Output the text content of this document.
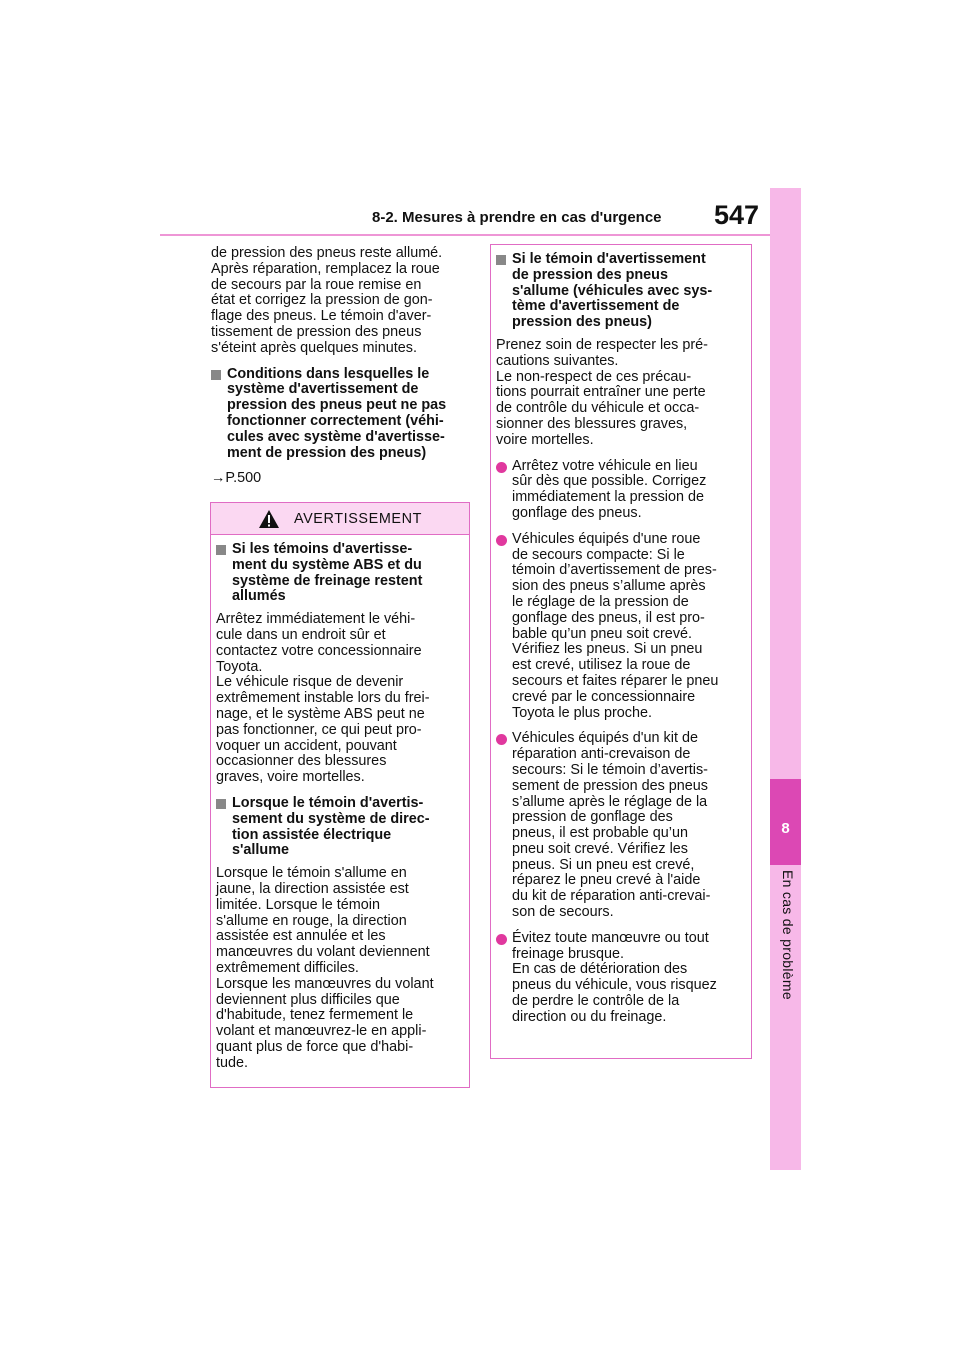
8-2. Mesures à prendre en cas d'urgence 547
8
En cas de problème
de pression des pneus reste allumé.
Après réparation, remplacez la roue
de secours par la roue remise en
état et corrigez la pression de gon-
flage des pneus. Le témoin d'aver-
tissement de pression des pneus
s'éteint après quelques minutes.
Conditions dans lesquelles le
système d'avertissement de
pression des pneus peut ne pas
fonctionner correctement (véhi-
cules avec système d'avertisse-
ment de pression des pneus)
→P.500
AVERTISSEMENT
Si les témoins d'avertisse-
ment du système ABS et du
système de freinage restent
allumés
Arrêtez immédiatement le véhi-
cule dans un endroit sûr et
contactez votre concessionnaire
Toyota.
Le véhicule risque de devenir
extrêmement instable lors du frei-
nage, et le système ABS peut ne
pas fonctionner, ce qui peut pro-
voquer un accident, pouvant
occasionner des blessures
graves, voire mortelles.
Lorsque le témoin d'avertis-
sement du système de direc-
tion assistée électrique
s'allume
Lorsque le témoin s'allume en
jaune, la direction assistée est
limitée. Lorsque le témoin
s'allume en rouge, la direction
assistée est annulée et les
manœuvres du volant deviennent
extrêmement difficiles.
Lorsque les manœuvres du volant
deviennent plus difficiles que
d'habitude, tenez fermement le
volant et manœuvrez-le en appli-
quant plus de force que d'habi-
tude.
Si le témoin d'avertissement
de pression des pneus
s'allume (véhicules avec sys-
tème d'avertissement de
pression des pneus)
Prenez soin de respecter les pré-
cautions suivantes.
Le non-respect de ces précau-
tions pourrait entraîner une perte
de contrôle du véhicule et occa-
sionner des blessures graves,
voire mortelles.
Arrêtez votre véhicule en lieu
sûr dès que possible. Corrigez
immédiatement la pression de
gonflage des pneus.
Véhicules équipés d'une roue
de secours compacte: Si le
témoin d’avertissement de pres-
sion des pneus s’allume après
le réglage de la pression de
gonflage des pneus, il est pro-
bable qu’un pneu soit crevé.
Vérifiez les pneus. Si un pneu
est crevé, utilisez la roue de
secours et faites réparer le pneu
crevé par le concessionnaire
Toyota le plus proche.
Véhicules équipés d'un kit de
réparation anti-crevaison de
secours: Si le témoin d’avertis-
sement de pression des pneus
s’allume après le réglage de la
pression de gonflage des
pneus, il est probable qu’un
pneu soit crevé. Vérifiez les
pneus. Si un pneu est crevé,
réparez le pneu crevé à l'aide
du kit de réparation anti-crevai-
son de secours.
Évitez toute manœuvre ou tout
freinage brusque.
En cas de détérioration des
pneus du véhicule, vous risquez
de perdre le contrôle de la
direction ou du freinage.
